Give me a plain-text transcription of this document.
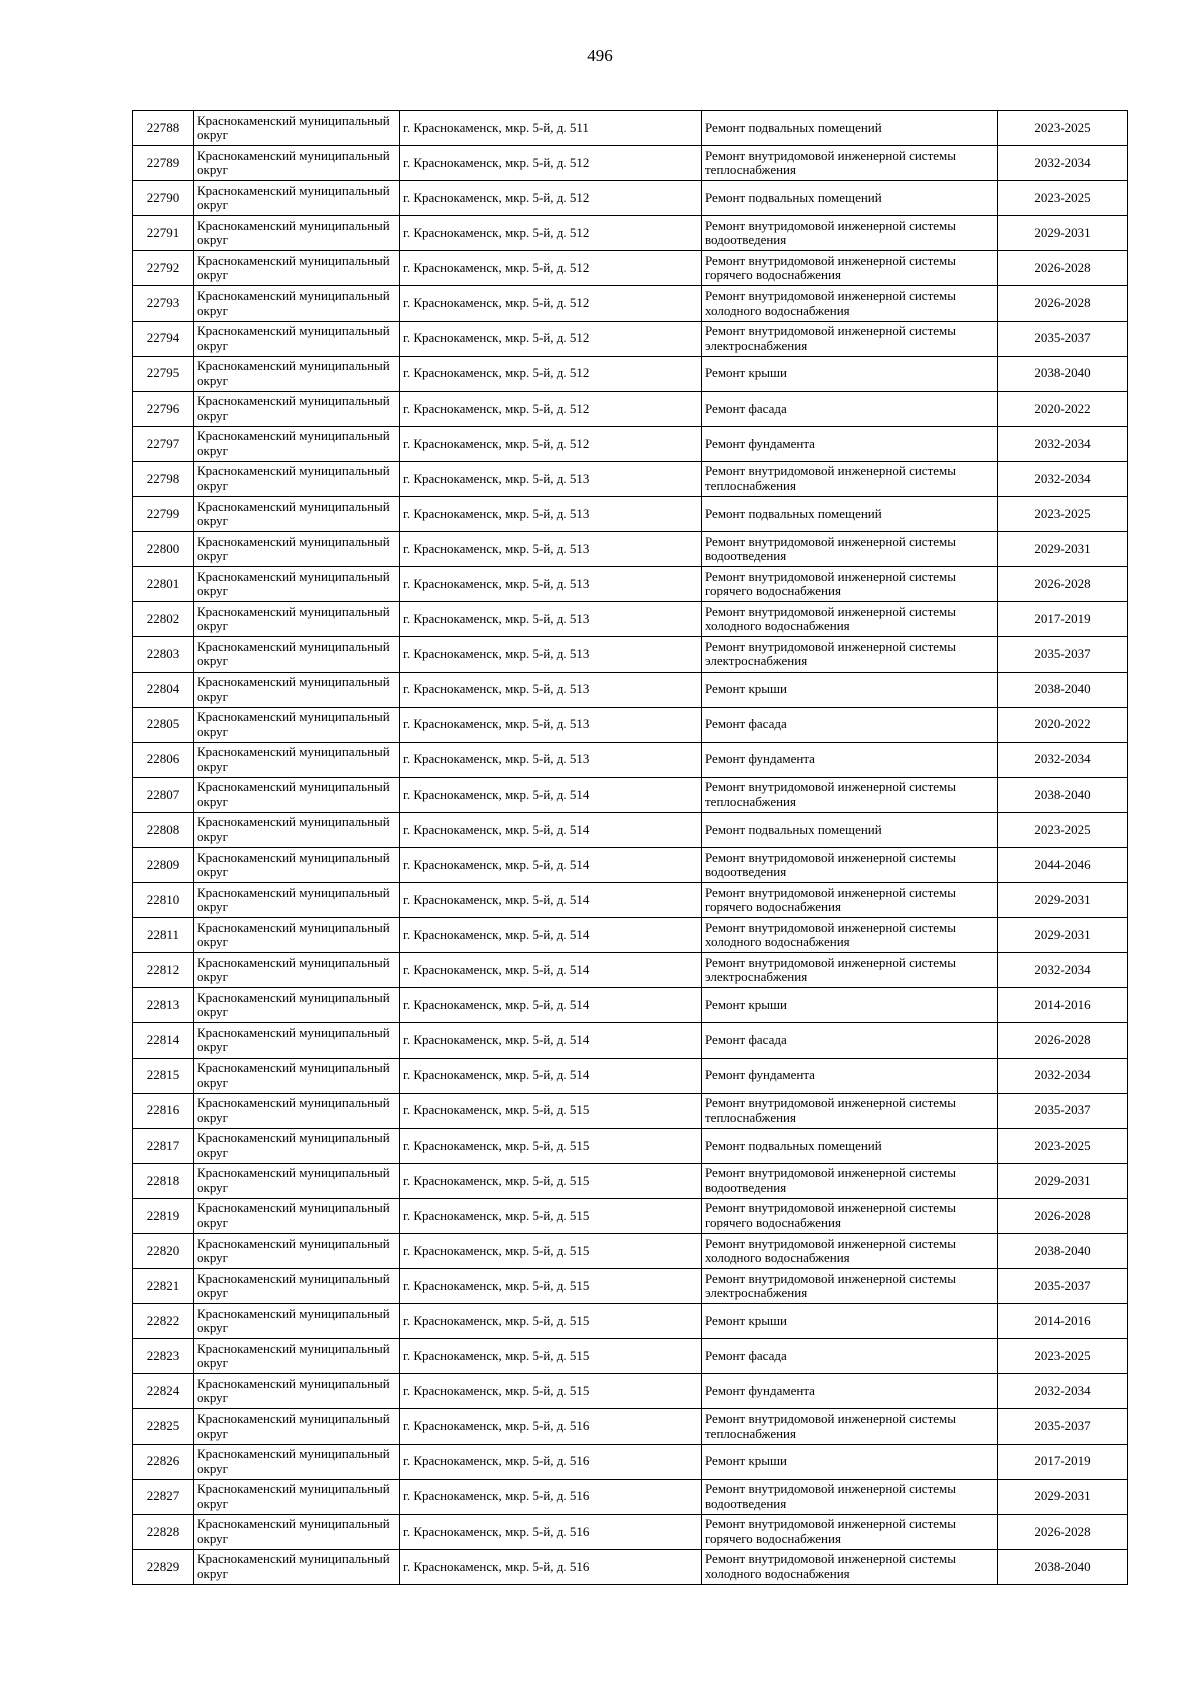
496
22788	Краснокаменский муниципальный округ	г. Краснокаменск, мкр. 5-й, д. 511	Ремонт подвальных помещений	2023-2025
22789	Краснокаменский муниципальный округ	г. Краснокаменск, мкр. 5-й, д. 512	Ремонт внутридомовой инженерной системы теплоснабжения	2032-2034
22790	Краснокаменский муниципальный округ	г. Краснокаменск, мкр. 5-й, д. 512	Ремонт подвальных помещений	2023-2025
22791	Краснокаменский муниципальный округ	г. Краснокаменск, мкр. 5-й, д. 512	Ремонт внутридомовой инженерной системы водоотведения	2029-2031
22792	Краснокаменский муниципальный округ	г. Краснокаменск, мкр. 5-й, д. 512	Ремонт внутридомовой инженерной системы горячего водоснабжения	2026-2028
22793	Краснокаменский муниципальный округ	г. Краснокаменск, мкр. 5-й, д. 512	Ремонт внутридомовой инженерной системы холодного водоснабжения	2026-2028
22794	Краснокаменский муниципальный округ	г. Краснокаменск, мкр. 5-й, д. 512	Ремонт внутридомовой инженерной системы электроснабжения	2035-2037
22795	Краснокаменский муниципальный округ	г. Краснокаменск, мкр. 5-й, д. 512	Ремонт крыши	2038-2040
22796	Краснокаменский муниципальный округ	г. Краснокаменск, мкр. 5-й, д. 512	Ремонт фасада	2020-2022
22797	Краснокаменский муниципальный округ	г. Краснокаменск, мкр. 5-й, д. 512	Ремонт фундамента	2032-2034
22798	Краснокаменский муниципальный округ	г. Краснокаменск, мкр. 5-й, д. 513	Ремонт внутридомовой инженерной системы теплоснабжения	2032-2034
22799	Краснокаменский муниципальный округ	г. Краснокаменск, мкр. 5-й, д. 513	Ремонт подвальных помещений	2023-2025
22800	Краснокаменский муниципальный округ	г. Краснокаменск, мкр. 5-й, д. 513	Ремонт внутридомовой инженерной системы водоотведения	2029-2031
22801	Краснокаменский муниципальный округ	г. Краснокаменск, мкр. 5-й, д. 513	Ремонт внутридомовой инженерной системы горячего водоснабжения	2026-2028
22802	Краснокаменский муниципальный округ	г. Краснокаменск, мкр. 5-й, д. 513	Ремонт внутридомовой инженерной системы холодного водоснабжения	2017-2019
22803	Краснокаменский муниципальный округ	г. Краснокаменск, мкр. 5-й, д. 513	Ремонт внутридомовой инженерной системы электроснабжения	2035-2037
22804	Краснокаменский муниципальный округ	г. Краснокаменск, мкр. 5-й, д. 513	Ремонт крыши	2038-2040
22805	Краснокаменский муниципальный округ	г. Краснокаменск, мкр. 5-й, д. 513	Ремонт фасада	2020-2022
22806	Краснокаменский муниципальный округ	г. Краснокаменск, мкр. 5-й, д. 513	Ремонт фундамента	2032-2034
22807	Краснокаменский муниципальный округ	г. Краснокаменск, мкр. 5-й, д. 514	Ремонт внутридомовой инженерной системы теплоснабжения	2038-2040
22808	Краснокаменский муниципальный округ	г. Краснокаменск, мкр. 5-й, д. 514	Ремонт подвальных помещений	2023-2025
22809	Краснокаменский муниципальный округ	г. Краснокаменск, мкр. 5-й, д. 514	Ремонт внутридомовой инженерной системы водоотведения	2044-2046
22810	Краснокаменский муниципальный округ	г. Краснокаменск, мкр. 5-й, д. 514	Ремонт внутридомовой инженерной системы горячего водоснабжения	2029-2031
22811	Краснокаменский муниципальный округ	г. Краснокаменск, мкр. 5-й, д. 514	Ремонт внутридомовой инженерной системы холодного водоснабжения	2029-2031
22812	Краснокаменский муниципальный округ	г. Краснокаменск, мкр. 5-й, д. 514	Ремонт внутридомовой инженерной системы электроснабжения	2032-2034
22813	Краснокаменский муниципальный округ	г. Краснокаменск, мкр. 5-й, д. 514	Ремонт крыши	2014-2016
22814	Краснокаменский муниципальный округ	г. Краснокаменск, мкр. 5-й, д. 514	Ремонт фасада	2026-2028
22815	Краснокаменский муниципальный округ	г. Краснокаменск, мкр. 5-й, д. 514	Ремонт фундамента	2032-2034
22816	Краснокаменский муниципальный округ	г. Краснокаменск, мкр. 5-й, д. 515	Ремонт внутридомовой инженерной системы теплоснабжения	2035-2037
22817	Краснокаменский муниципальный округ	г. Краснокаменск, мкр. 5-й, д. 515	Ремонт подвальных помещений	2023-2025
22818	Краснокаменский муниципальный округ	г. Краснокаменск, мкр. 5-й, д. 515	Ремонт внутридомовой инженерной системы водоотведения	2029-2031
22819	Краснокаменский муниципальный округ	г. Краснокаменск, мкр. 5-й, д. 515	Ремонт внутридомовой инженерной системы горячего водоснабжения	2026-2028
22820	Краснокаменский муниципальный округ	г. Краснокаменск, мкр. 5-й, д. 515	Ремонт внутридомовой инженерной системы холодного водоснабжения	2038-2040
22821	Краснокаменский муниципальный округ	г. Краснокаменск, мкр. 5-й, д. 515	Ремонт внутридомовой инженерной системы электроснабжения	2035-2037
22822	Краснокаменский муниципальный округ	г. Краснокаменск, мкр. 5-й, д. 515	Ремонт крыши	2014-2016
22823	Краснокаменский муниципальный округ	г. Краснокаменск, мкр. 5-й, д. 515	Ремонт фасада	2023-2025
22824	Краснокаменский муниципальный округ	г. Краснокаменск, мкр. 5-й, д. 515	Ремонт фундамента	2032-2034
22825	Краснокаменский муниципальный округ	г. Краснокаменск, мкр. 5-й, д. 516	Ремонт внутридомовой инженерной системы теплоснабжения	2035-2037
22826	Краснокаменский муниципальный округ	г. Краснокаменск, мкр. 5-й, д. 516	Ремонт крыши	2017-2019
22827	Краснокаменский муниципальный округ	г. Краснокаменск, мкр. 5-й, д. 516	Ремонт внутридомовой инженерной системы водоотведения	2029-2031
22828	Краснокаменский муниципальный округ	г. Краснокаменск, мкр. 5-й, д. 516	Ремонт внутридомовой инженерной системы горячего водоснабжения	2026-2028
22829	Краснокаменский муниципальный округ	г. Краснокаменск, мкр. 5-й, д. 516	Ремонт внутридомовой инженерной системы холодного водоснабжения	2038-2040
